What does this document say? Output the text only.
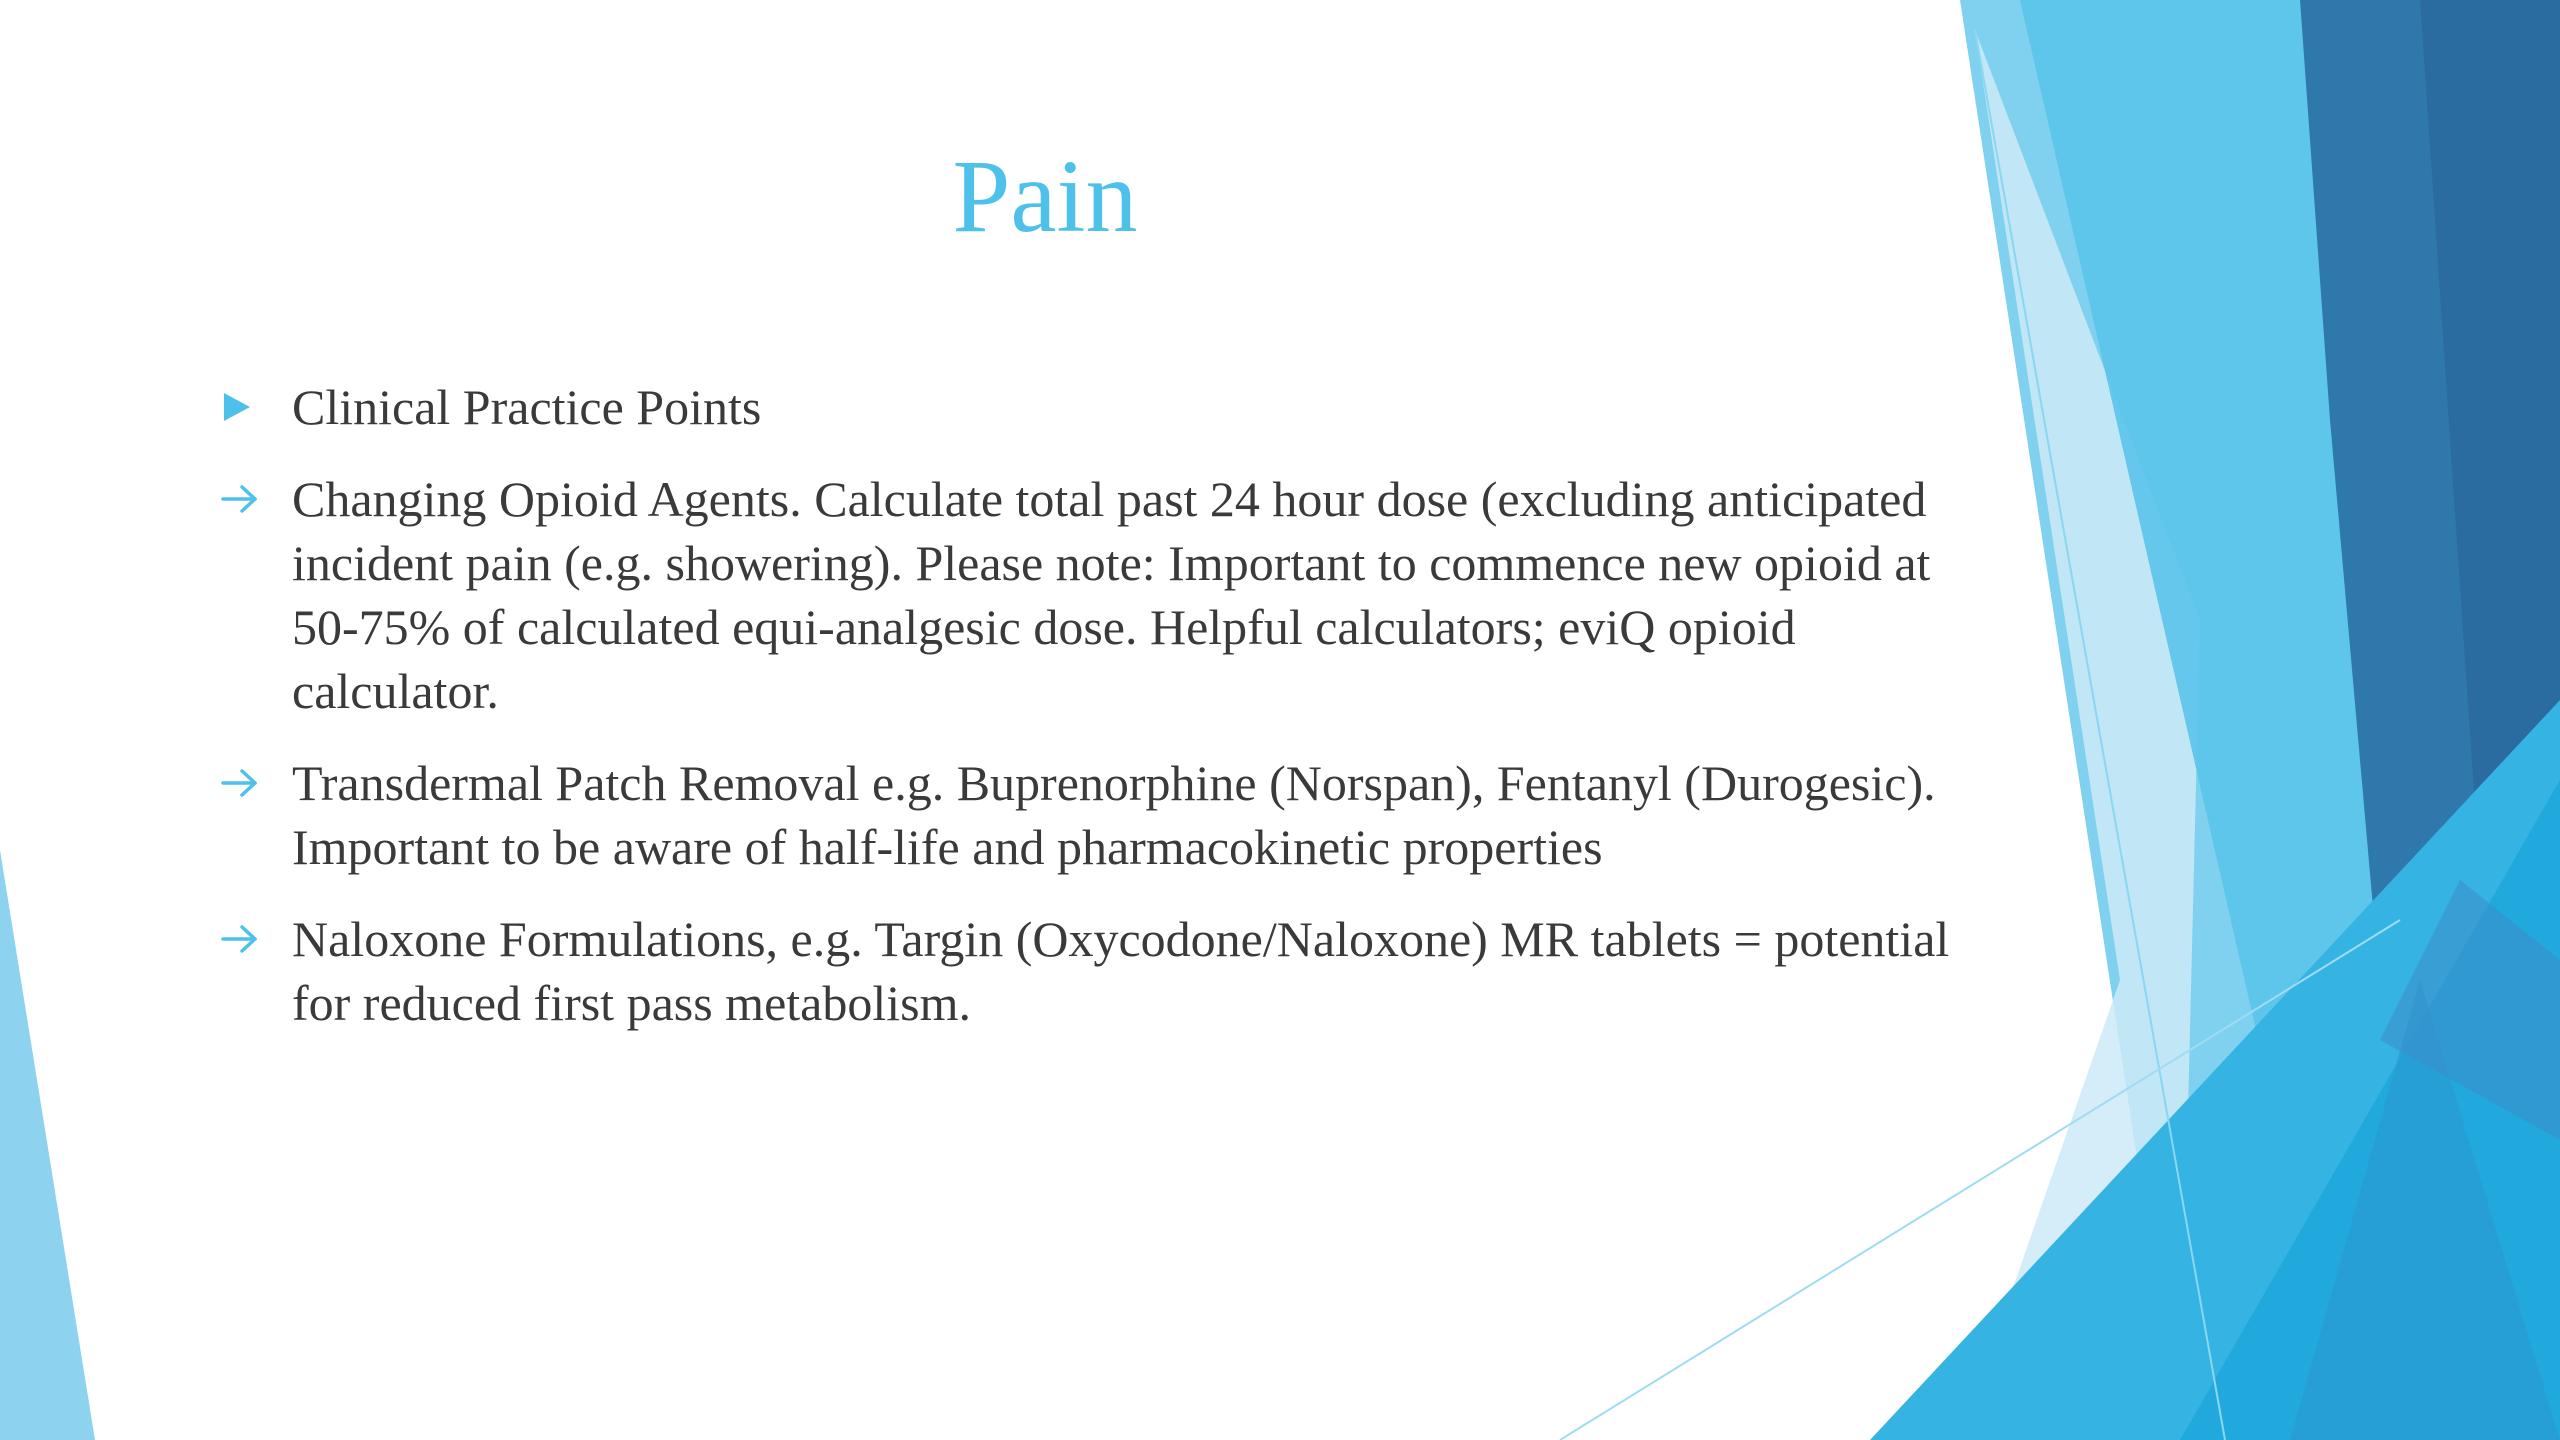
Pain
Clinical Practice Points
Changing Opioid Agents. Calculate total past 24 hour dose (excluding anticipated incident pain (e.g. showering). Please note: Important to commence new opioid at 50-75% of calculated equi-analgesic dose. Helpful calculators; eviQ opioid calculator.
Transdermal Patch Removal e.g. Buprenorphine (Norspan), Fentanyl (Durogesic). Important to be aware of half-life and pharmacokinetic properties
Naloxone Formulations, e.g. Targin (Oxycodone/Naloxone) MR tablets = potential for reduced first pass metabolism.
